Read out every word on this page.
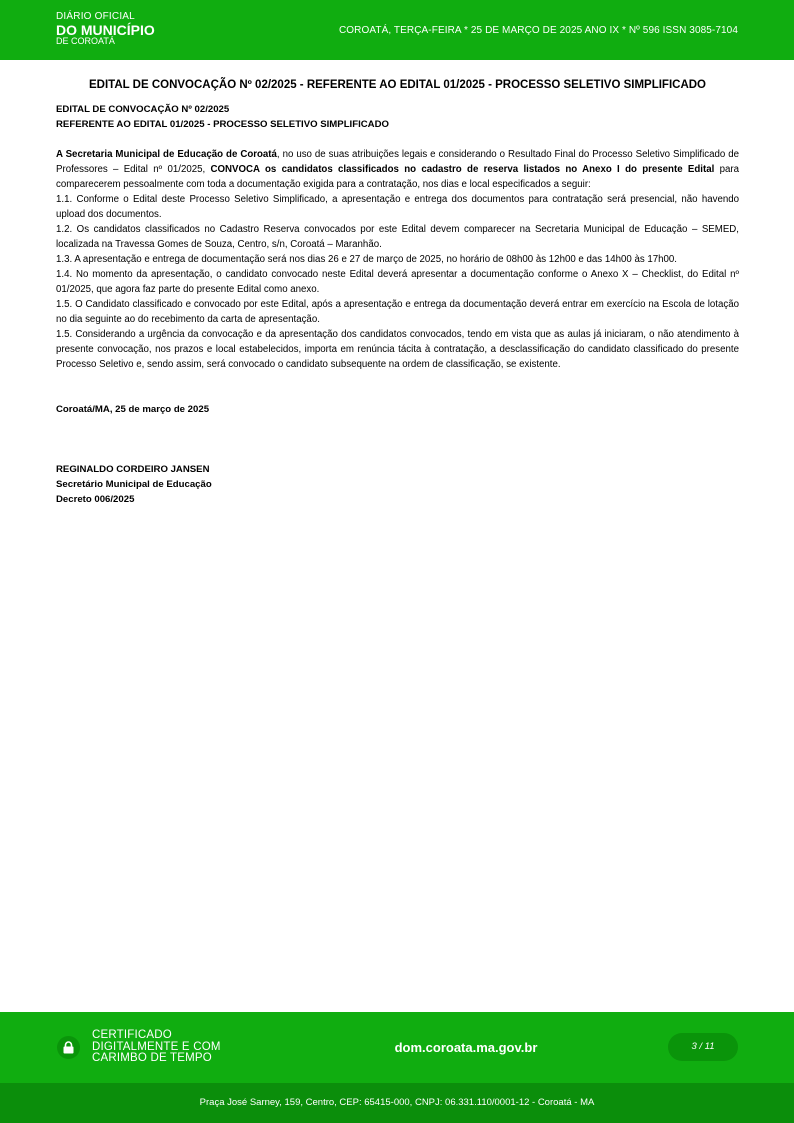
DIÁRIO OFICIAL
DO MUNICÍPIO
DE COROATÁ
COROATÁ, TERÇA-FEIRA * 25 DE MARÇO DE 2025 ANO IX * Nº 596 ISSN 3085-7104
EDITAL DE CONVOCAÇÃO Nº 02/2025 - REFERENTE AO EDITAL 01/2025 - PROCESSO SELETIVO SIMPLIFICADO
EDITAL DE CONVOCAÇÃO Nº 02/2025
REFERENTE AO EDITAL 01/2025 - PROCESSO SELETIVO SIMPLIFICADO

A Secretaria Municipal de Educação de Coroatá, no uso de suas atribuições legais e considerando o Resultado Final do Processo Seletivo Simplificado de Professores – Edital nº 01/2025, CONVOCA os candidatos classificados no cadastro de reserva listados no Anexo I do presente Edital para comparecerem pessoalmente com toda a documentação exigida para a contratação, nos dias e local especificados a seguir:

1.1. Conforme o Edital deste Processo Seletivo Simplificado, a apresentação e entrega dos documentos para contratação será presencial, não havendo upload dos documentos.

1.2. Os candidatos classificados no Cadastro Reserva convocados por este Edital devem comparecer na Secretaria Municipal de Educação – SEMED, localizada na Travessa Gomes de Souza, Centro, s/n, Coroatá – Maranhão.

1.3. A apresentação e entrega de documentação será nos dias 26 e 27 de março de 2025, no horário de 08h00 às 12h00 e das 14h00 às 17h00.

1.4. No momento da apresentação, o candidato convocado neste Edital deverá apresentar a documentação conforme o Anexo X – Checklist, do Edital nº 01/2025, que agora faz parte do presente Edital como anexo.

1.5. O Candidato classificado e convocado por este Edital, após a apresentação e entrega da documentação deverá entrar em exercício na Escola de lotação no dia seguinte ao do recebimento da carta de apresentação.

1.5. Considerando a urgência da convocação e da apresentação dos candidatos convocados, tendo em vista que as aulas já iniciaram, o não atendimento à presente convocação, nos prazos e local estabelecidos, importa em renúncia tácita à contratação, a desclassificação do candidato classificado do presente Processo Seletivo e, sendo assim, será convocado o candidato subsequente na ordem de classificação, se existente.

Coroatá/MA, 25 de março de 2025
REGINALDO CORDEIRO JANSEN
Secretário Municipal de Educação
Decreto 006/2025
CERTIFICADO
DIGITALMENTE E COM
CARIMBO DE TEMPO
dom.coroata.ma.gov.br	3 / 11
Praça José Sarney, 159, Centro, CEP: 65415-000, CNPJ: 06.331.110/0001-12 - Coroatá - MA
